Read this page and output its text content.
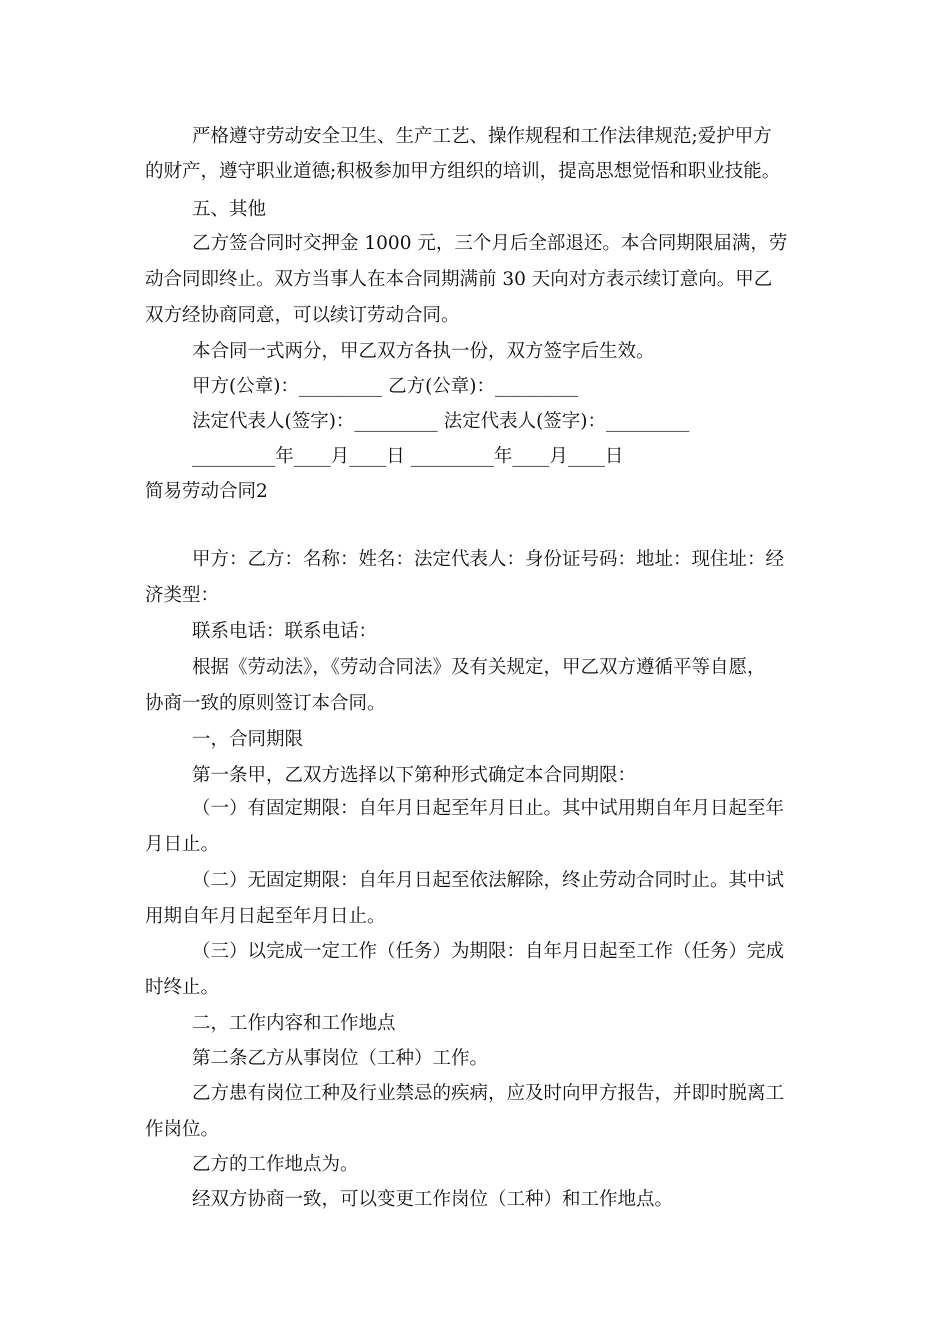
严格遵守劳动安全卫生、生产工艺、操作规程和工作法律规范;爱护甲方

的财产，遵守职业道德;积极参加甲方组织的培训，提高思想觉悟和职业技能。

五、其他

乙方签合同时交押金 1000 元，三个月后全部退还。本合同期限届满，劳

动合同即终止。双方当事人在本合同期满前 30 天向对方表示续订意向。甲乙

双方经协商同意，可以续订劳动合同。

本合同一式两分，甲乙双方各执一份，双方签字后生效。

甲方(公章)：_________ 乙方(公章)：_________

法定代表人(签字)：_________ 法定代表人(签字)：_________

_________年____月____日 _________年____月____日

简易劳动合同2

甲方：乙方：名称：姓名：法定代表人：身份证号码：地址：现住址：经

济类型：

联系电话：联系电话：

根据《劳动法》，《劳动合同法》及有关规定，甲乙双方遵循平等自愿，

协商一致的原则签订本合同。

一，合同期限

第一条甲，乙双方选择以下第种形式确定本合同期限：

（一）有固定期限：自年月日起至年月日止。其中试用期自年月日起至年

月日止。

（二）无固定期限：自年月日起至依法解除，终止劳动合同时止。其中试

用期自年月日起至年月日止。

（三）以完成一定工作（任务）为期限：自年月日起至工作（任务）完成

时终止。

二，工作内容和工作地点

第二条乙方从事岗位（工种）工作。

乙方患有岗位工种及行业禁忌的疾病，应及时向甲方报告，并即时脱离工

作岗位。

乙方的工作地点为。

经双方协商一致，可以变更工作岗位（工种）和工作地点。
